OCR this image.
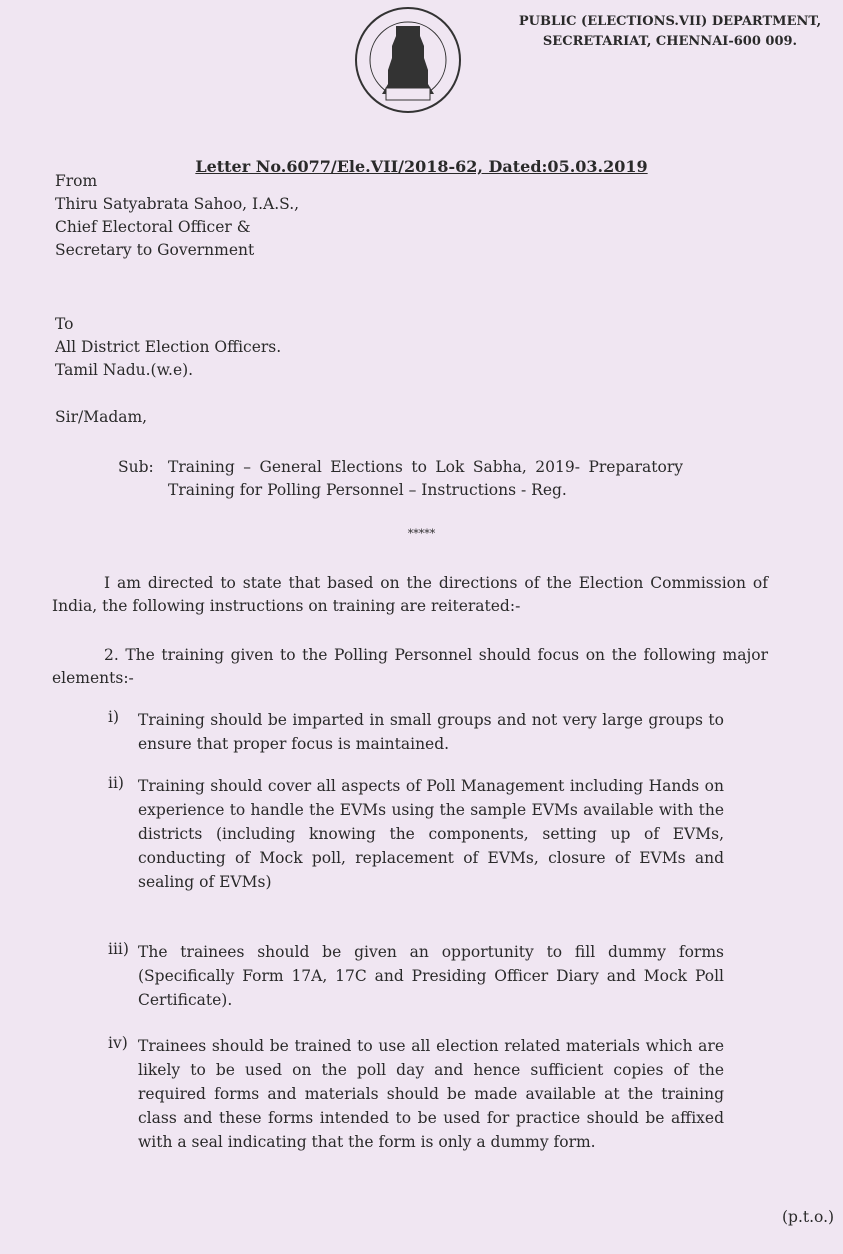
PUBLIC (ELECTIONS.VII) DEPARTMENT,
SECRETARIAT, CHENNAI-600 009.
Letter No.6077/Ele.VII/2018-62, Dated:05.03.2019
From
Thiru Satyabrata Sahoo, I.A.S.,
Chief Electoral Officer &
Secretary to Government
To
All District Election Officers.
Tamil Nadu.(w.e).
Sir/Madam,
Sub: Training – General Elections to Lok Sabha, 2019- Preparatory Training for Polling Personnel – Instructions - Reg.
*****
I am directed to state that based on the directions of the Election Commission of India, the following instructions on training are reiterated:-
2. The training given to the Polling Personnel should focus on the following major elements:-
i)	Training should be imparted in small groups and not very large groups to ensure that proper focus is maintained.
ii) Training should cover all aspects of Poll Management including Hands on experience to handle the EVMs using the sample EVMs available with the districts (including knowing the components, setting up of EVMs, conducting of Mock poll, replacement of EVMs, closure of EVMs and sealing of EVMs)
iii) The trainees should be given an opportunity to fill dummy forms (Specifically Form 17A, 17C and Presiding Officer Diary and Mock Poll Certificate).
iv) Trainees should be trained to use all election related materials which are likely to be used on the poll day and hence sufficient copies of the required forms and materials should be made available at the training class and these forms intended to be used for practice should be affixed with a seal indicating that the form is only a dummy form.
(p.t.o.)
